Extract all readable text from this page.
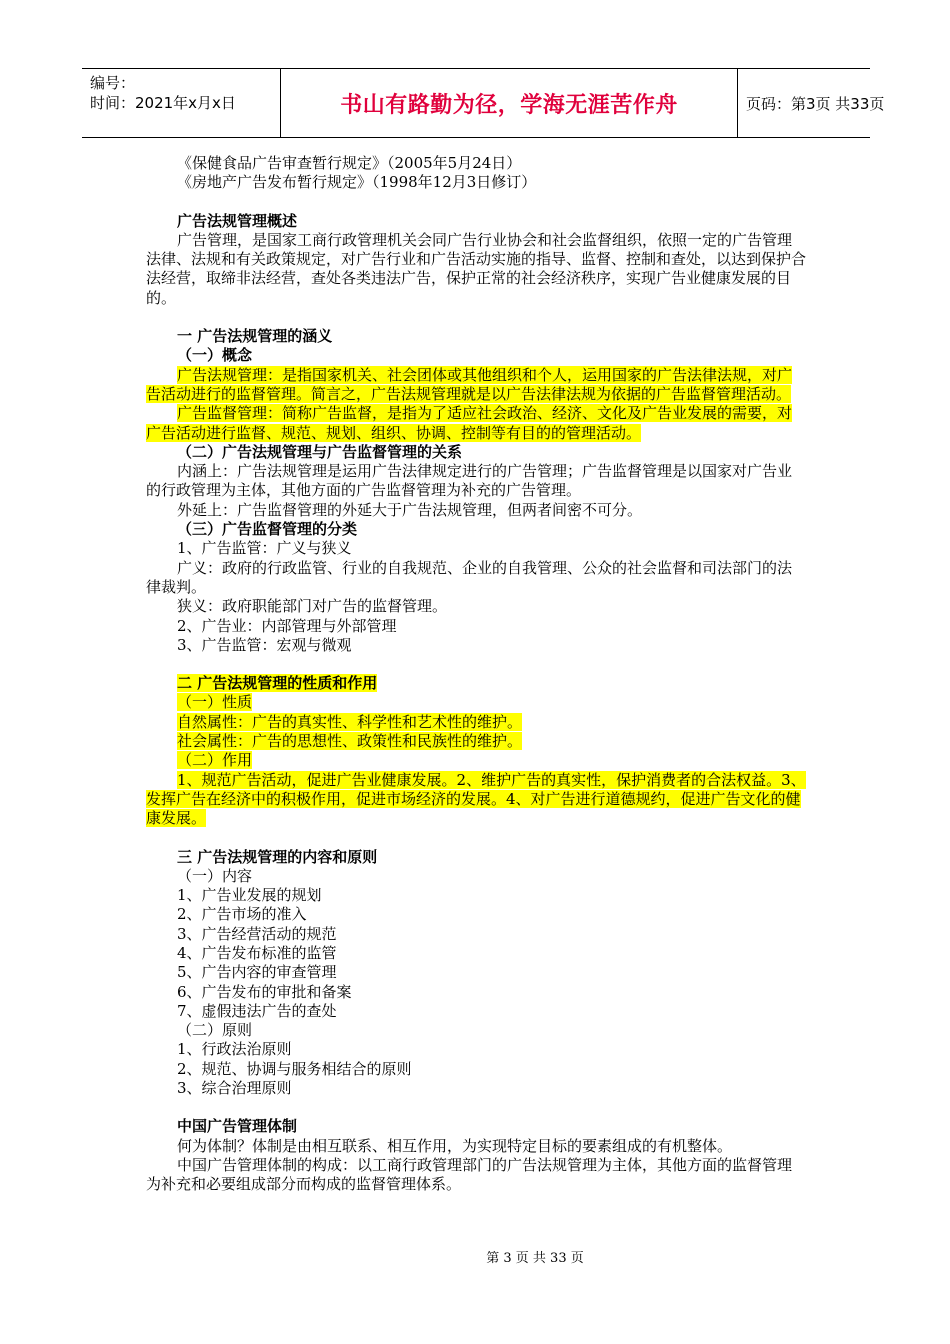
编号：
时间：2021年x月x日	书山有路勤为径，学海无涯苦作舟	页码：第3页 共33页

《保健食品广告审查暂行规定》（2005年5月24日）

《房地产广告发布暂行规定》（1998年12月3日修订）

广告法规管理概述

广告管理，是国家工商行政管理机关会同广告行业协会和社会监督组织，依照一定的广告管理法律、法规和有关政策规定，对广告行业和广告活动实施的指导、监督、控制和查处，以达到保护合法经营，取缔非法经营，查处各类违法广告，保护正常的社会经济秩序，实现广告业健康发展的目的。

一 广告法规管理的涵义

（一）概念

广告法规管理：是指国家机关、社会团体或其他组织和个人，运用国家的广告法律法规，对广告活动进行的监督管理。简言之，广告法规管理就是以广告法律法规为依据的广告监督管理活动。

广告监督管理：简称广告监督，是指为了适应社会政治、经济、文化及广告业发展的需要，对广告活动进行监督、规范、规划、组织、协调、控制等有目的的管理活动。

（二）广告法规管理与广告监督管理的关系

内涵上：广告法规管理是运用广告法律规定进行的广告管理；广告监督管理是以国家对广告业的行政管理为主体，其他方面的广告监督管理为补充的广告管理。

外延上：广告监督管理的外延大于广告法规管理，但两者间密不可分。

（三）广告监督管理的分类

1、广告监管：广义与狭义

广义：政府的行政监管、行业的自我规范、企业的自我管理、公众的社会监督和司法部门的法律裁判。

狭义：政府职能部门对广告的监督管理。

2、广告业：内部管理与外部管理

3、广告监管：宏观与微观

二 广告法规管理的性质和作用

（一）性质

自然属性：广告的真实性、科学性和艺术性的维护。

社会属性：广告的思想性、政策性和民族性的维护。

（二）作用

1、规范广告活动，促进广告业健康发展。2、维护广告的真实性，保护消费者的合法权益。3、发挥广告在经济中的积极作用，促进市场经济的发展。4、对广告进行道德规约，促进广告文化的健康发展。

三 广告法规管理的内容和原则

（一）内容

1、广告业发展的规划

2、广告市场的准入

3、广告经营活动的规范

4、广告发布标准的监管

5、广告内容的审查管理

6、广告发布的审批和备案

7、虚假违法广告的查处

（二）原则

1、行政法治原则

2、规范、协调与服务相结合的原则

3、综合治理原则

中国广告管理体制

何为体制？体制是由相互联系、相互作用，为实现特定目标的要素组成的有机整体。

中国广告管理体制的构成：以工商行政管理部门的广告法规管理为主体，其他方面的监督管理为补充和必要组成部分而构成的监督管理体系。

第 3 页 共 33 页
